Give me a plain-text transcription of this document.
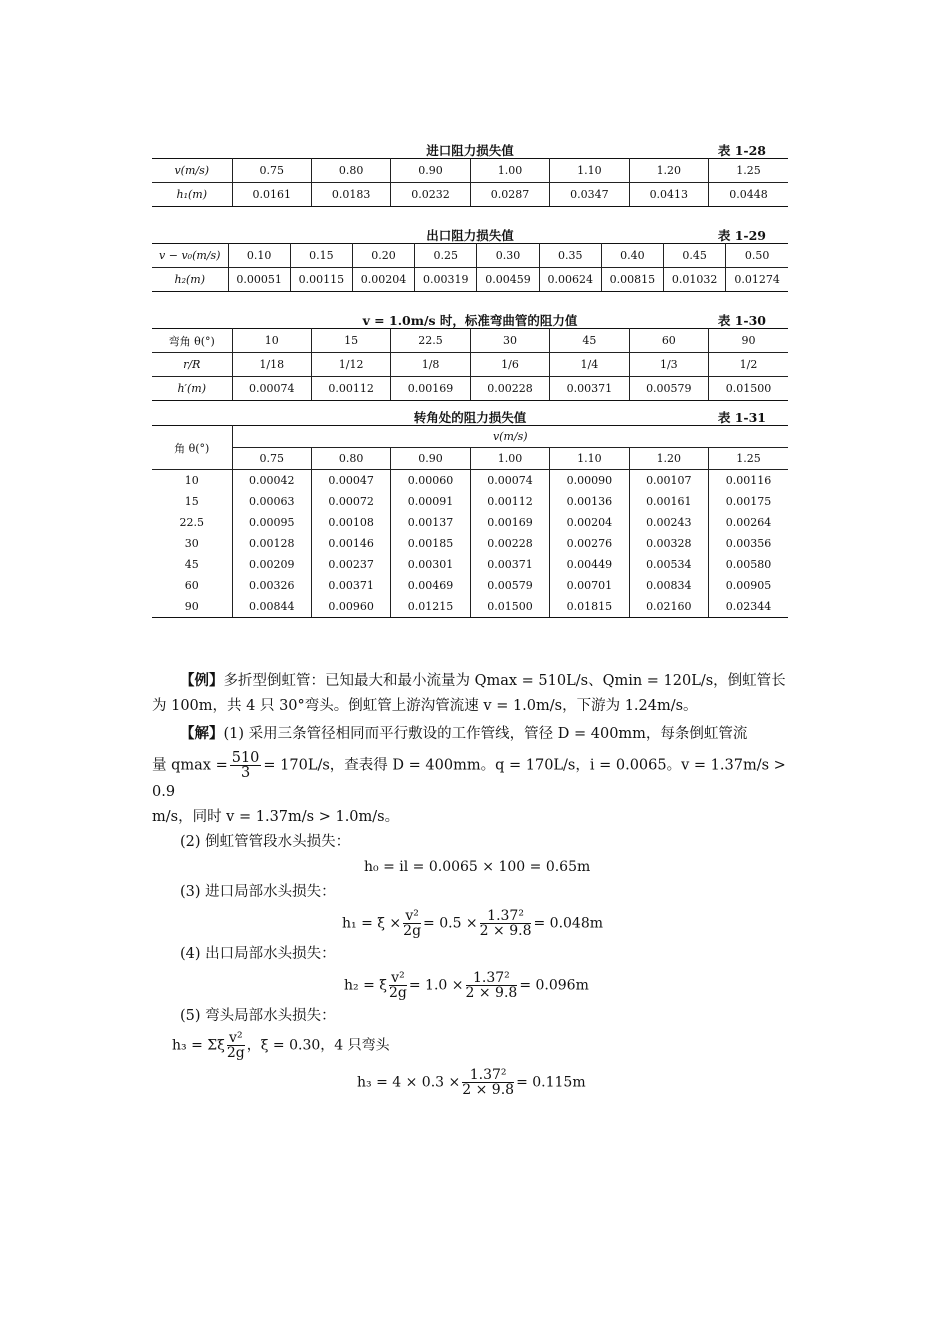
进口阻力损失值	表 1-28
v(m/s)	0.75	0.80	0.90	1.00	1.10	1.20	1.25
h₁(m)	0.0161	0.0183	0.0232	0.0287	0.0347	0.0413	0.0448
出口阻力损失值	表 1-29
v − v₀(m/s)	0.10	0.15	0.20	0.25	0.30	0.35	0.40	0.45	0.50
h₂(m)	0.00051	0.00115	0.00204	0.00319	0.00459	0.00624	0.00815	0.01032	0.01274
v = 1.0m/s 时，标准弯曲管的阻力值	表 1-30
弯角 θ(°)	10	15	22.5	30	45	60	90
r/R	1/18	1/12	1/8	1/6	1/4	1/3	1/2
h′(m)	0.00074	0.00112	0.00169	0.00228	0.00371	0.00579	0.01500
转角处的阻力损失值	表 1-31
角 θ(°)	v(m/s)						
	0.75	0.80	0.90	1.00	1.10	1.20	1.25
10	0.00042	0.00047	0.00060	0.00074	0.00090	0.00107	0.00116
15	0.00063	0.00072	0.00091	0.00112	0.00136	0.00161	0.00175
22.5	0.00095	0.00108	0.00137	0.00169	0.00204	0.00243	0.00264
30	0.00128	0.00146	0.00185	0.00228	0.00276	0.00328	0.00356
45	0.00209	0.00237	0.00301	0.00371	0.00449	0.00534	0.00580
60	0.00326	0.00371	0.00469	0.00579	0.00701	0.00834	0.00905
90	0.00844	0.00960	0.01215	0.01500	0.01815	0.02160	0.02344

【例】多折型倒虹管：已知最大和最小流量为 Qmax = 510L/s、Qmin = 120L/s，倒虹管长为 100m，共 4 只 30°弯头。倒虹管上游沟管流速 v = 1.0m/s，下游为 1.24m/s。

【解】(1) 采用三条管径相同而平行敷设的工作管线，管径 D = 400mm，每条倒虹管流

量 $qmax = \frac{510}{3} = 170L/s$，查表得 D = 400mm。q = 170L/s，i = 0.0065。v = 1.37m/s > 0.9

m/s，同时 v = 1.37m/s > 1.0m/s。

(2) 倒虹管管段水头损失：

h₀ = il = 0.0065 × 100 = 0.65m

(3) 进口局部水头损失：

$h_1 = \xi \times \frac{\text{v²}}{2g} = 0.5 \times \frac{\text{1.37²}}{2 \times 9.8} = 0.048m$

(4) 出口局部水头损失：

h₂ = ξ $\frac{\text{v²}}{2g} = 1.0 \times \frac{\text{1.37²}}{2 \times 9.8} = 0.096m$

(5) 弯头局部水头损失：

h₃ = Σξ $\frac{\text{v²}}{2g}$ ，ξ = 0.30，4 只弯头

$h_3 = 4 \times 0.3 \times \frac{\text{1.37²}}{2 \times 9.8} = 0.115m$
